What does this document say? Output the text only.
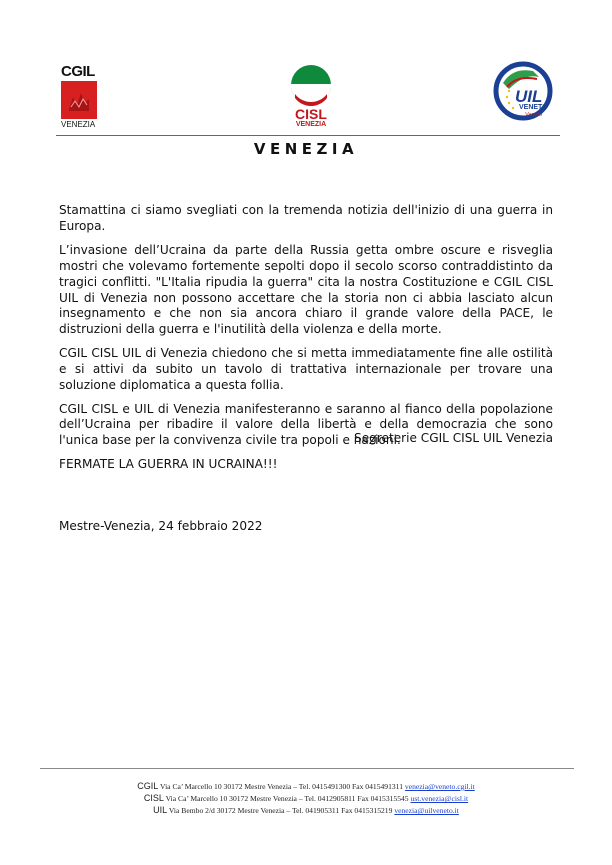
CGIL
VENEZIA
CISL
VENEZIA
UIL
VENETO
Veneto
VENEZIA

Stamattina ci siamo svegliati con la tremenda notizia dell'inizio di una guerra in Europa.

L’invasione dell’Ucraina da parte della Russia getta ombre oscure e risveglia mostri che volevamo fortemente sepolti dopo il secolo scorso contraddistinto da tragici conflitti. "L'Italia ripudia la guerra" cita la nostra Costituzione e CGIL CISL UIL di Venezia non possono accettare che la storia non ci abbia lasciato alcun insegnamento e che non sia ancora chiaro il grande valore della PACE, le distruzioni della guerra e l'inutilità della violenza e della morte.

CGIL CISL UIL di Venezia chiedono che si metta immediatamente fine alle ostilità e si attivi da subito un tavolo di trattativa internazionale per trovare una soluzione diplomatica a questa follia.

CGIL CISL e UIL di Venezia manifesteranno e saranno al fianco della popolazione dell’Ucraina per ribadire il valore della libertà e della democrazia che sono l'unica base per la convivenza civile tra popoli e nazioni.

FERMATE LA GUERRA IN UCRAINA!!!

Segreterie CGIL CISL UIL Venezia
Mestre-Venezia, 24 febbraio 2022
CGIL Via Ca’ Marcello 10 30172 Mestre Venezia – Tel. 0415491300 Fax 0415491311 venezia@veneto.cgil.it
CISL Via Ca’ Marcello 10 30172 Mestre Venezia – Tel. 0412905811 Fax 0415315545 ust.venezia@cisl.it
UIL Via Bembo 2/d 30172 Mestre Venezia – Tel. 041905311 Fax 0415315219 venezia@uilveneto.it
